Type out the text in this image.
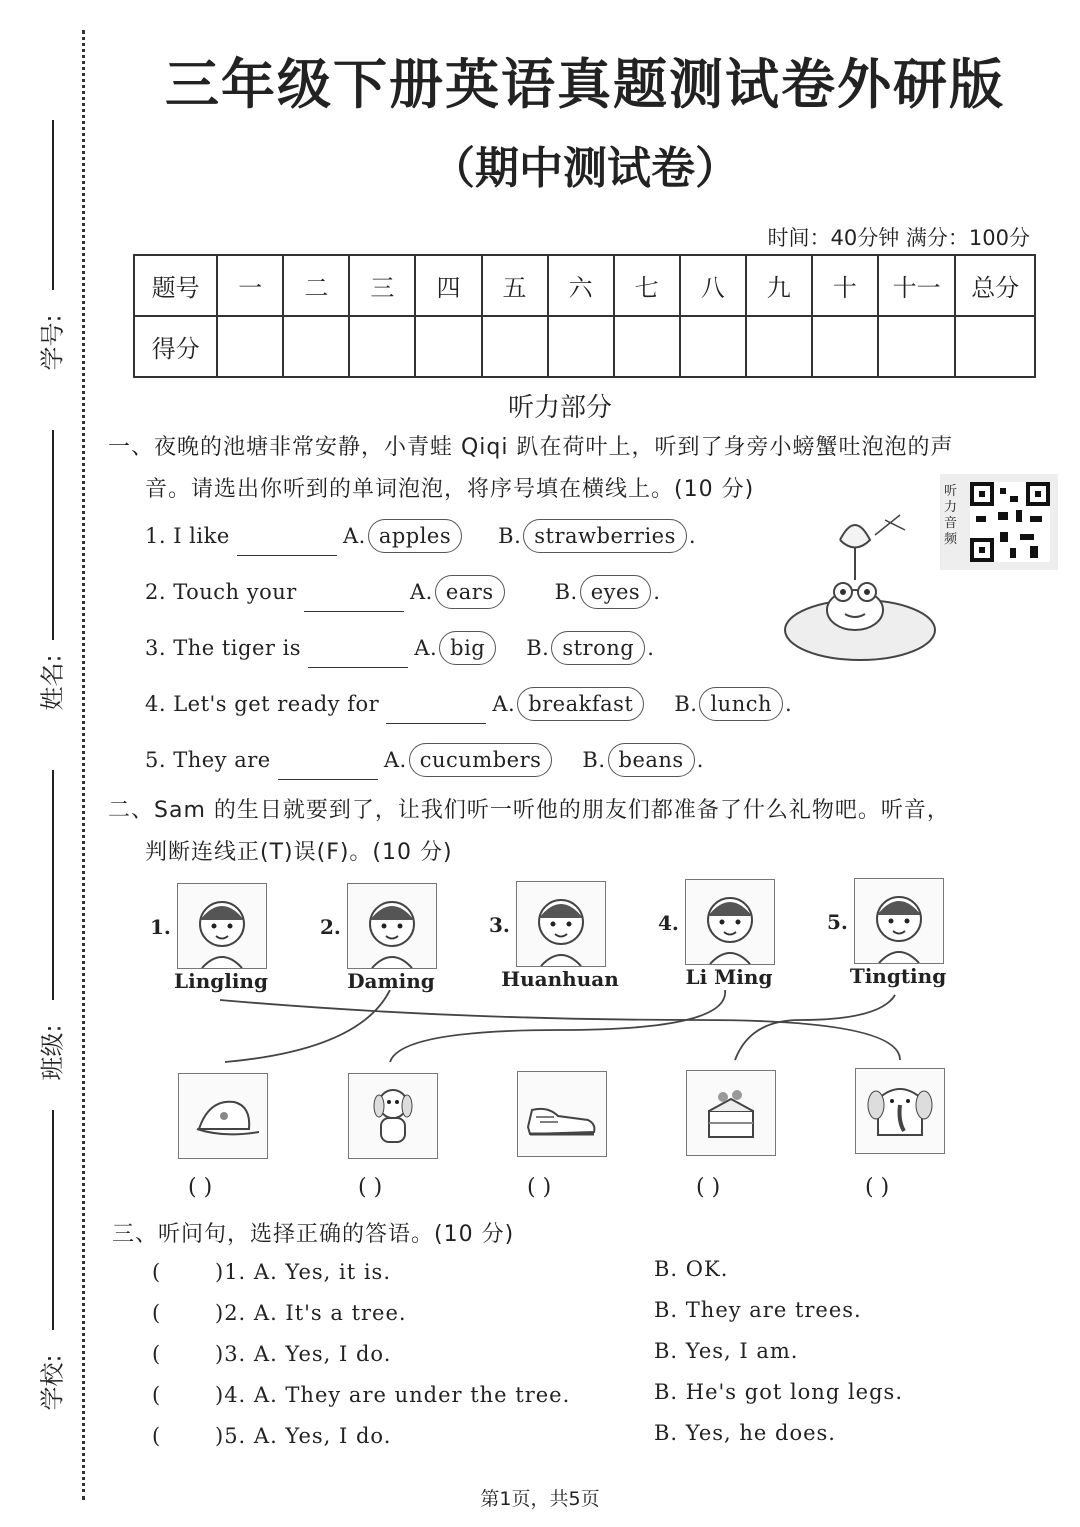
学号:
姓名:
班级:
学校:
三年级下册英语真题测试卷外研版
（期中测试卷）
时间：40分钟 满分：100分
题号	一	二	三	四	五	六	七	八	九	十	十一	总分
得分												
听力部分
一、夜晚的池塘非常安静，小青蛙 Qiqi 趴在荷叶上，听到了身旁小螃蟹吐泡泡的声
音。请选出你听到的单词泡泡，将序号填在横线上。(10 分)
1. I like	A. apples B. strawberries .
2. Touch your	A. ears	B. eyes .
3. The tiger is	A. big B. strong .
4. Let's get ready for	A. breakfast B. lunch .
5. They are	A. cucumbers B. beans .
听力音频
二、Sam 的生日就要到了，让我们听一听他的朋友们都准备了什么礼物吧。听音，
判断连线正(T)误(F)。(10 分)
1.
Lingling
2.
Daming
3.
Huanhuan
4.
Li Ming
5.
Tingting
( )	( )	( )	( )	( )
三、听问句，选择正确的答语。(10 分)
(	)1. A. Yes, it is.	B. OK.
(	)2. A. It's a tree.	B. They are trees.
(	)3. A. Yes, I do.	B. Yes, I am.
(	)4. A. They are under the tree.	B. He's got long legs.
(	)5. A. Yes, I do.	B. Yes, he does.
第1页，共5页
